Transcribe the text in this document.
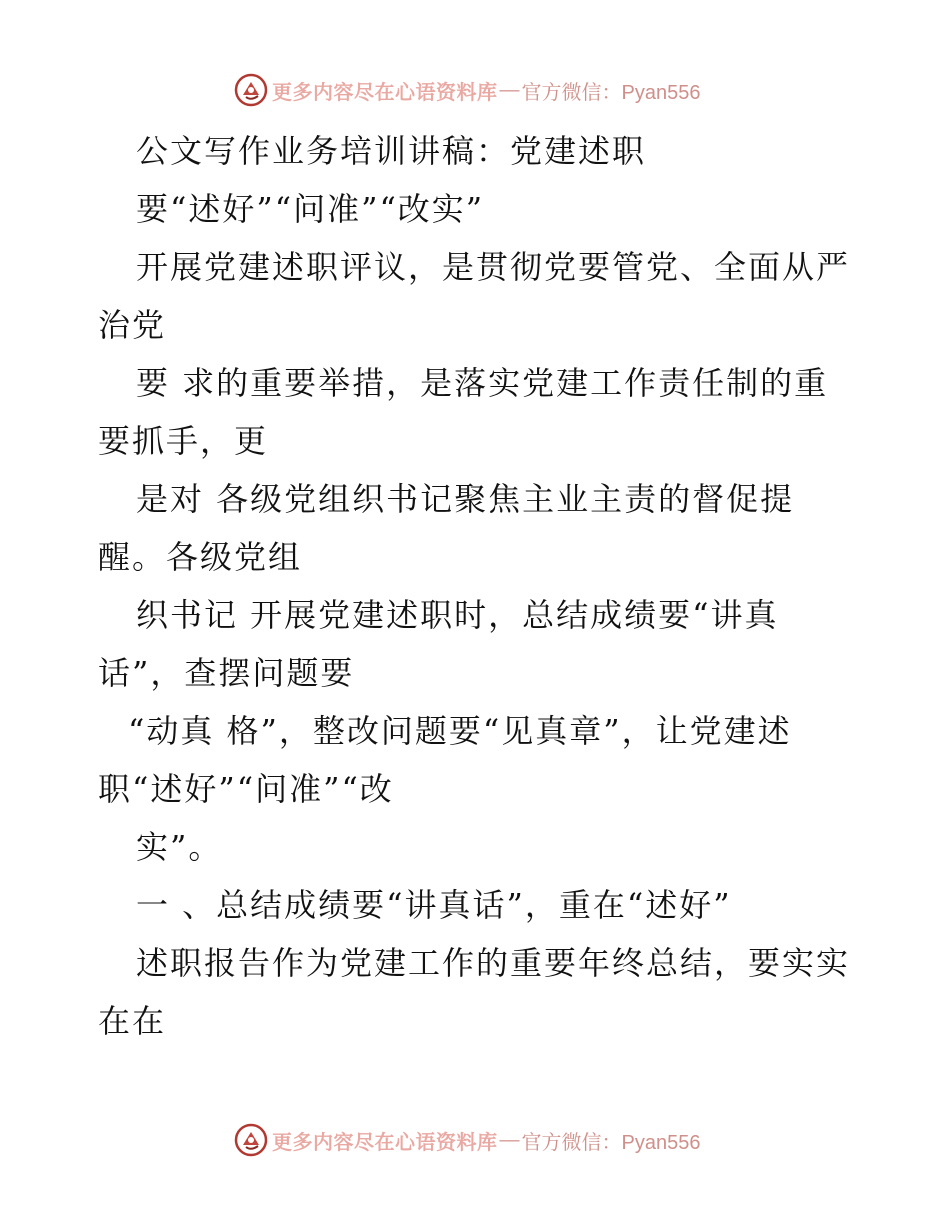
更多内容尽在心语资料库 — 官方微信：Pyan556
公文写作业务培训讲稿：党建述职
要“述好”“问准”“改实”
开展党建述职评议，是贯彻党要管党、全面从严
治党
要 求的重要举措，是落实党建工作责任制的重
要抓手，更
是对 各级党组织书记聚焦主业主责的督促提
醒。各级党组
织书记 开展党建述职时，总结成绩要“讲真
话”，查摆问题要
“动真 格”，整改问题要“见真章”，让党建述
职“述好”“问准”“改
实”。
一 、总结成绩要“讲真话”，重在“述好”
述职报告作为党建工作的重要年终总结，要实实
在在
更多内容尽在心语资料库 — 官方微信：Pyan556
